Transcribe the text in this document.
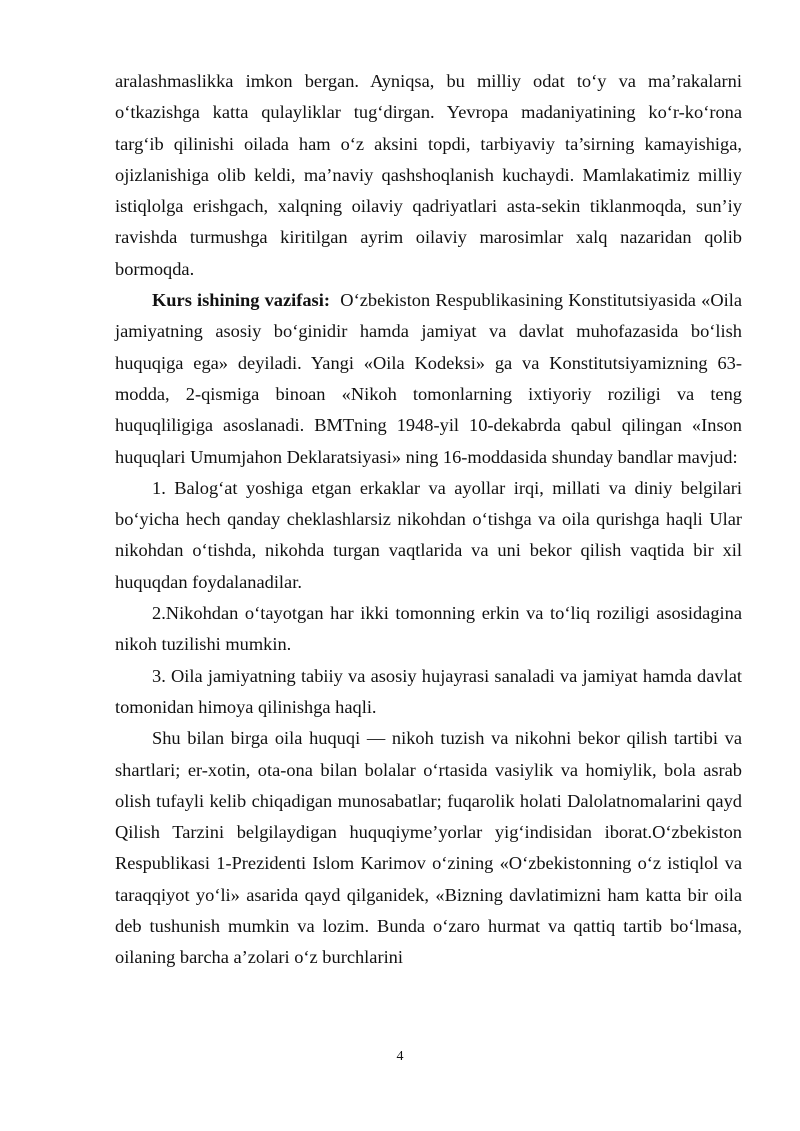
aralashmaslikka imkon bergan. Ayniqsa, bu milliy odat to‘y va ma’rakalarni o‘tkazishga katta qulayliklar tug‘dirgan. Yevropa madaniyatining ko‘r-ko‘rona targ‘ib qilinishi oilada ham o‘z aksini topdi, tarbiyaviy ta’sirning kamayishiga, ojizlanishiga olib keldi, ma’naviy qashshoqlanish kuchaydi. Mamlakatimiz milliy istiqlolga erishgach, xalqning oilaviy qadriyatlari asta-sekin tiklanmoqda, sun’iy ravishda turmushga kiritilgan ayrim oilaviy marosimlar xalq nazaridan qolib bormoqda.

Kurs ishining vazifasi:  O‘zbekiston Respublikasining Konstitutsiyasida «Oila jamiyatning asosiy bo‘ginidir hamda jamiyat va davlat muhofazasida bo‘lish huquqiga ega» deyiladi. Yangi «Oila Kodeksi» ga va Konstitutsiyamizning 63-modda, 2-qismiga binoan «Nikoh tomonlarning ixtiyoriy roziligi va teng huquqliligiga asoslanadi. BMTning 1948-yil 10-dekabrda qabul qilingan «Inson huquqlari Umumjahon Deklaratsiyasi» ning 16-moddasida shunday bandlar mavjud:

1. Balog‘at yoshiga etgan erkaklar va ayollar irqi, millati va diniy belgilari bo‘yicha hech qanday cheklashlarsiz nikohdan o‘tishga va oila qurishga haqli Ular nikohdan o‘tishda, nikohda turgan vaqtlarida va uni bekor qilish vaqtida bir xil huquqdan foydalanadilar.

2.Nikohdan o‘tayotgan har ikki tomonning erkin va to‘liq roziligi asosidagina nikoh tuzilishi mumkin.

3. Oila jamiyatning tabiiy va asosiy hujayrasi sanaladi va jamiyat hamda davlat tomonidan himoya qilinishga haqli.

Shu bilan birga oila huquqi — nikoh tuzish va nikohni bekor qilish tartibi va shartlari; er-xotin, ota-ona bilan bolalar o‘rtasida vasiylik va homiylik, bola asrab olish tufayli kelib chiqadigan munosabatlar; fuqarolik holati Dalolatnomalarini qayd Qilish Tarzini belgilaydigan huquqiyme’yorlar yig‘indisidan iborat.O‘zbekiston Respublikasi 1-Prezidenti Islom Karimov o‘zining «O‘zbekistonning o‘z istiqlol va taraqqiyot yo‘li» asarida qayd qilganidek, «Bizning davlatimizni ham katta bir oila deb tushunish mumkin va lozim. Bunda o‘zaro hurmat va qattiq tartib bo‘lmasa, oilaning barcha a’zolari o‘z burchlarini

4
